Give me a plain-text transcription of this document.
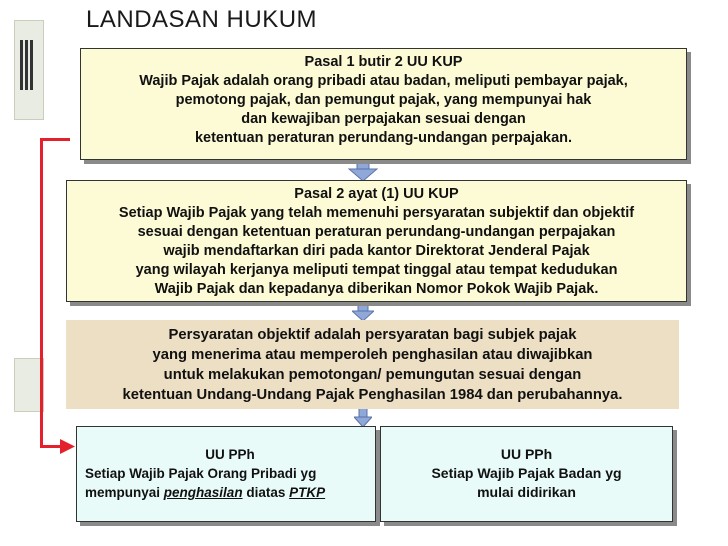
LANDASAN HUKUM
Pasal 1 butir 2 UU KUP
Wajib Pajak adalah orang pribadi atau badan, meliputi pembayar pajak,
pemotong pajak, dan pemungut pajak, yang mempunyai hak
dan kewajiban perpajakan sesuai dengan
ketentuan peraturan perundang-undangan perpajakan.
Pasal 2 ayat (1) UU KUP
Setiap Wajib Pajak yang telah memenuhi persyaratan subjektif dan objektif
sesuai dengan ketentuan peraturan perundang-undangan perpajakan
wajib mendaftarkan diri pada kantor Direktorat Jenderal Pajak
yang wilayah kerjanya meliputi tempat tinggal atau tempat kedudukan
Wajib Pajak dan kepadanya diberikan Nomor Pokok Wajib Pajak.
Persyaratan objektif adalah persyaratan bagi subjek pajak
yang menerima atau memperoleh penghasilan atau diwajibkan
untuk melakukan pemotongan/ pemungutan sesuai dengan
ketentuan Undang-Undang Pajak Penghasilan 1984 dan perubahannya.
UU PPh
Setiap Wajib Pajak Orang Pribadi yg
mempunyai penghasilan diatas PTKP
UU PPh
Setiap Wajib Pajak Badan yg
mulai didirikan
